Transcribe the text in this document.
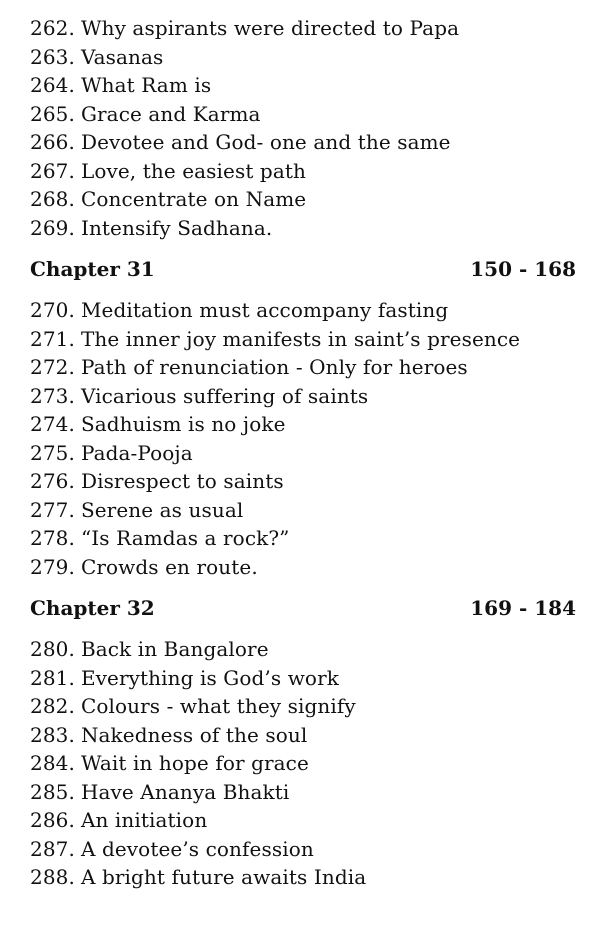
262. Why aspirants were directed to Papa
263. Vasanas
264. What Ram is
265. Grace and Karma
266. Devotee and God- one and the same
267. Love, the easiest path
268. Concentrate on Name
269. Intensify Sadhana.
Chapter 31	150 - 168
270. Meditation must accompany fasting
271. The inner joy manifests in saint’s presence
272. Path of renunciation - Only for heroes
273. Vicarious suffering of saints
274. Sadhuism is no joke
275. Pada-Pooja
276. Disrespect to saints
277. Serene as usual
278. “Is Ramdas a rock?”
279. Crowds en route.
Chapter 32	169 - 184
280. Back in Bangalore
281. Everything is God’s work
282. Colours - what they signify
283. Nakedness of the soul
284. Wait in hope for grace
285. Have Ananya Bhakti
286. An initiation
287. A devotee’s confession
288. A bright future awaits India
